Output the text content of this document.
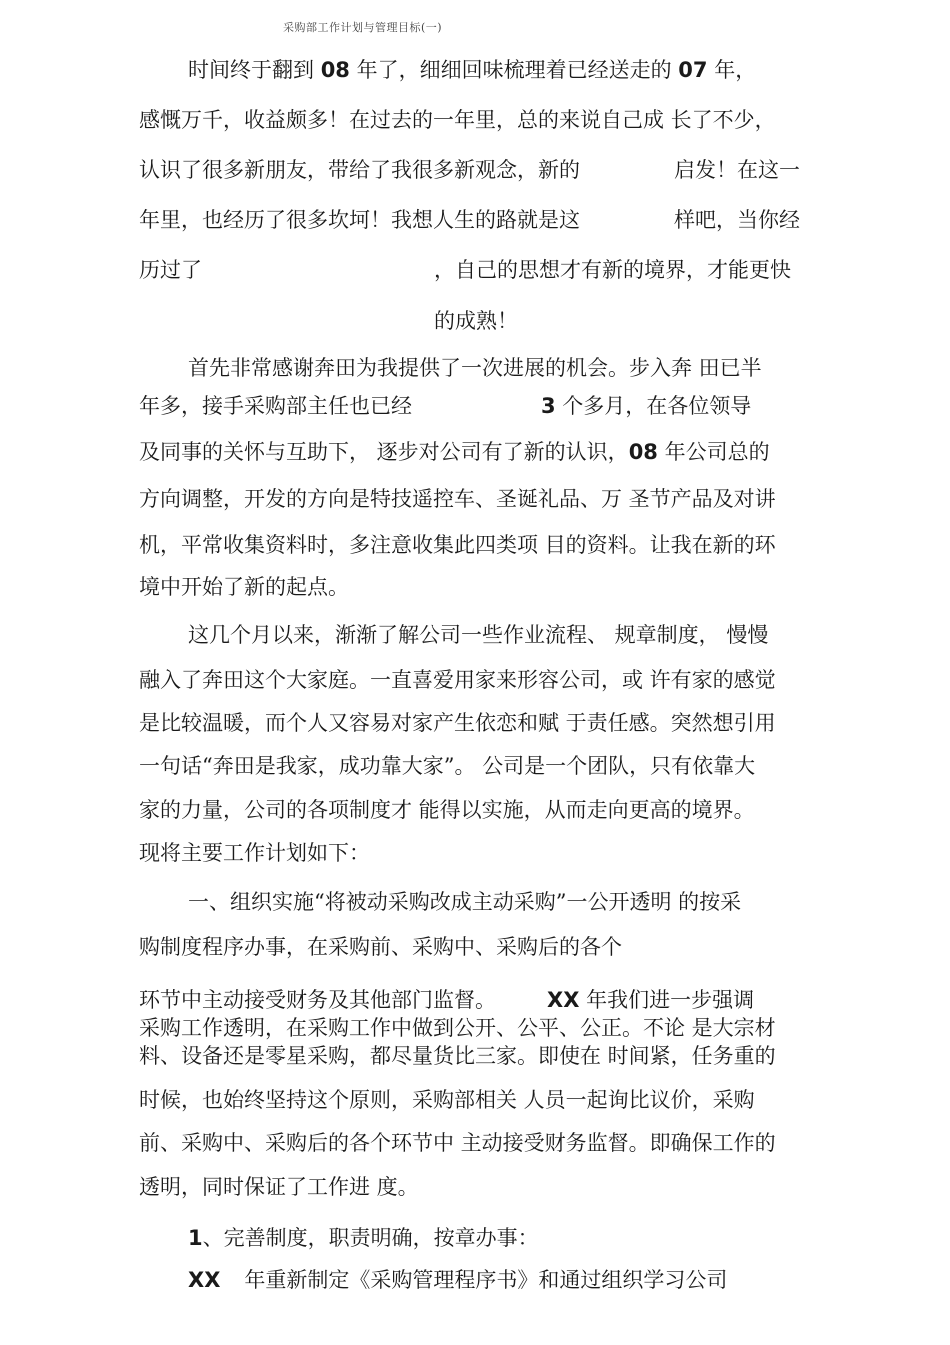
采购部工作计划与管理目标(一)
时间终于翻到 08 年了，细细回味梳理着已经送走的 07 年，
感慨万千，收益颇多！在过去的一年里，总的来说自己成 长了不少，
认识了很多新朋友，带给了我很多新观念，新的	启发！在这一
年里，也经历了很多坎坷！我想人生的路就是这	样吧，当你经
历过了	，自己的思想才有新的境界，才能更快
的成熟！
首先非常感谢奔田为我提供了一次进展的机会。步入奔 田已半
年多，接手采购部主任也已经	3 个多月，在各位领导
及同事的关怀与互助下， 逐步对公司有了新的认识，08 年公司总的
方向调整，开发的方向是特技遥控车、圣诞礼品、万 圣节产品及对讲
机，平常收集资料时，多注意收集此四类项 目的资料。让我在新的环
境中开始了新的起点。
这几个月以来，渐渐了解公司一些作业流程、 规章制度， 慢慢
融入了奔田这个大家庭。一直喜爱用家来形容公司，或 许有家的感觉
是比较温暖，而个人又容易对家产生依恋和赋 于责任感。突然想引用
一句话“奔田是我家，成功靠大家”。 公司是一个团队，只有依靠大
家的力量，公司的各项制度才 能得以实施，从而走向更高的境界。
现将主要工作计划如下：
一、组织实施“将被动采购改成主动采购”一公开透明 的按采
购制度程序办事，在采购前、采购中、采购后的各个
环节中主动接受财务及其他部门监督。 XX 年我们进一步强调
采购工作透明，在采购工作中做到公开、公平、公正。不论 是大宗材
料、设备还是零星采购，都尽量货比三家。即使在 时间紧，任务重的
时候，也始终坚持这个原则，采购部相关 人员一起询比议价，采购
前、采购中、采购后的各个环节中 主动接受财务监督。即确保工作的
透明，同时保证了工作进 度。
1、完善制度，职责明确，按章办事：
XX 年重新制定《采购管理程序书》和通过组织学习公司
